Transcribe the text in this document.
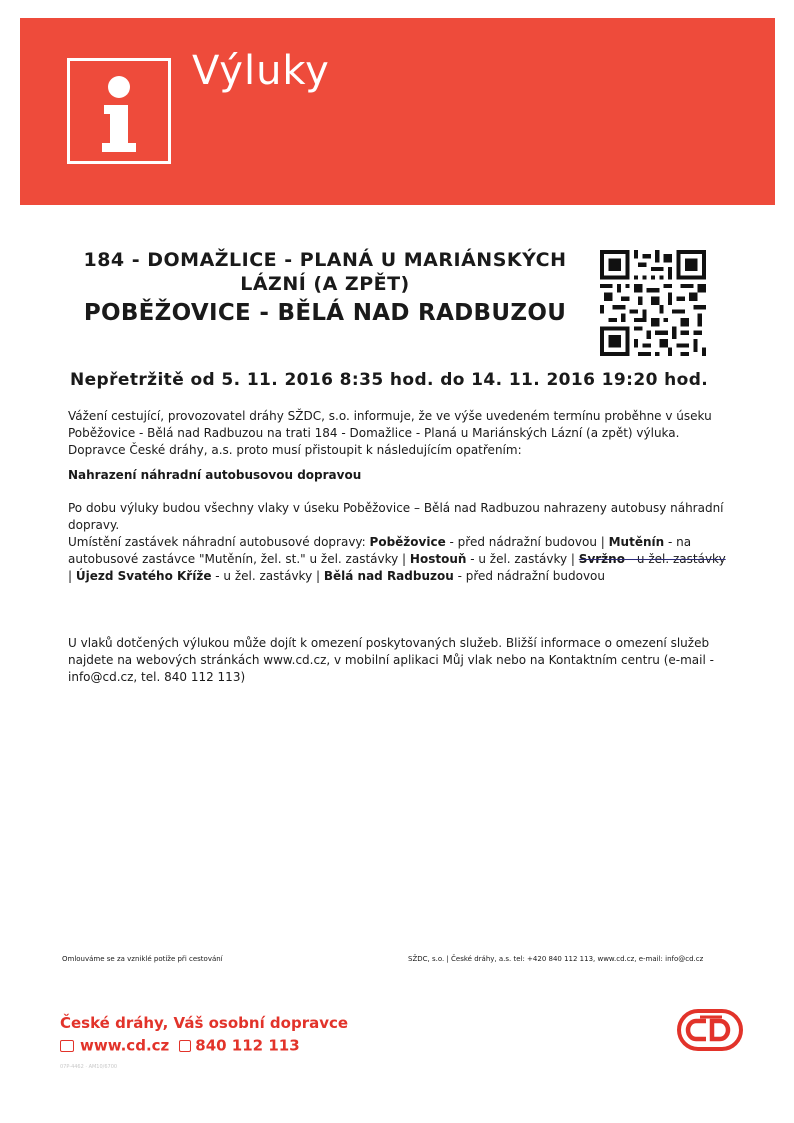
Výluky
184 - DOMAŽLICE - PLANÁ U MARIÁNSKÝCH
LÁZNÍ (A ZPĚT)
POBĚŽOVICE - BĚLÁ NAD RADBUZOU
Nepřetržitě od 5. 11. 2016 8:35 hod. do 14. 11. 2016 19:20 hod.
Vážení cestující, provozovatel dráhy SŽDC, s.o. informuje, že ve výše uvedeném termínu proběhne v úseku Poběžovice - Bělá nad Radbuzou na trati 184 - Domažlice - Planá u Mariánských Lázní (a zpět) výluka. Dopravce České dráhy, a.s. proto musí přistoupit k následujícím opatřením:
Nahrazení náhradní autobusovou dopravou
Po dobu výluky budou všechny vlaky v úseku Poběžovice – Bělá nad Radbuzou nahrazeny autobusy náhradní dopravy.
Umístění zastávek náhradní autobusové dopravy: Poběžovice - před nádražní budovou | Mutěnín - na autobusové zastávce "Mutěnín, žel. st." u žel. zastávky | Hostouň - u žel. zastávky | Svržno - u žel. zastávky | Újezd Svatého Kříže - u žel. zastávky | Bělá nad Radbuzou - před nádražní budovou
U vlaků dotčených výlukou může dojít k omezení poskytovaných služeb. Bližší informace o omezení služeb najdete na webových stránkách www.cd.cz, v mobilní aplikaci Můj vlak nebo na Kontaktním centru (e-mail - info@cd.cz, tel. 840 112 113)
Omlouváme se za vzniklé potíže při cestování	SŽDC, s.o. | České dráhy, a.s. tel: +420 840 112 113, www.cd.cz, e-mail: info@cd.cz
České dráhy, Váš osobní dopravce
www.cd.cz 840 112 113
07P-4462 · AM10/6700
